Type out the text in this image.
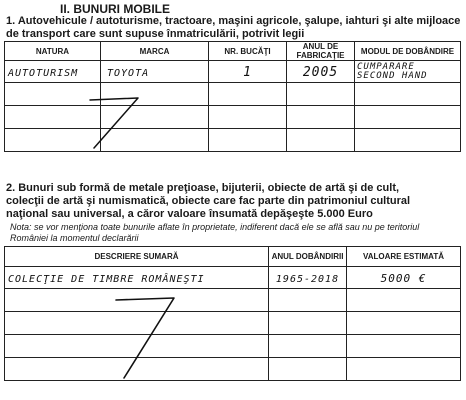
II. BUNURI MOBILE
1. Autovehicule / autoturisme, tractoare, maşini agricole, şalupe, iahturi şi alte mijloace
de transport care sunt supuse înmatriculării, potrivit legii
NATURA	MARCA	NR. BUCĂŢI	ANUL DE FABRICAŢIE	MODUL DE DOBÂNDIRE
AUTOTURISM	TOYOTA	1	2005	CUMPARARE
SECOND HAND

2. Bunuri sub formă de metale preţioase, bijuterii, obiecte de artă şi de cult,
colecţii de artă şi numismatică, obiecte care fac parte din patrimoniul cultural
naţional sau universal, a căror valoare însumată depăşeşte 5.000 Euro
Nota: se vor menţiona toate bunurile aflate în proprietate, indiferent dacă ele se află sau nu pe teritoriul
României la momentul declarării
DESCRIERE SUMARĂ	ANUL DOBÂNDIRII	VALOARE ESTIMATĂ
COLECŢIE DE TIMBRE ROMÂNEŞTI	1965-2018	5000 €
